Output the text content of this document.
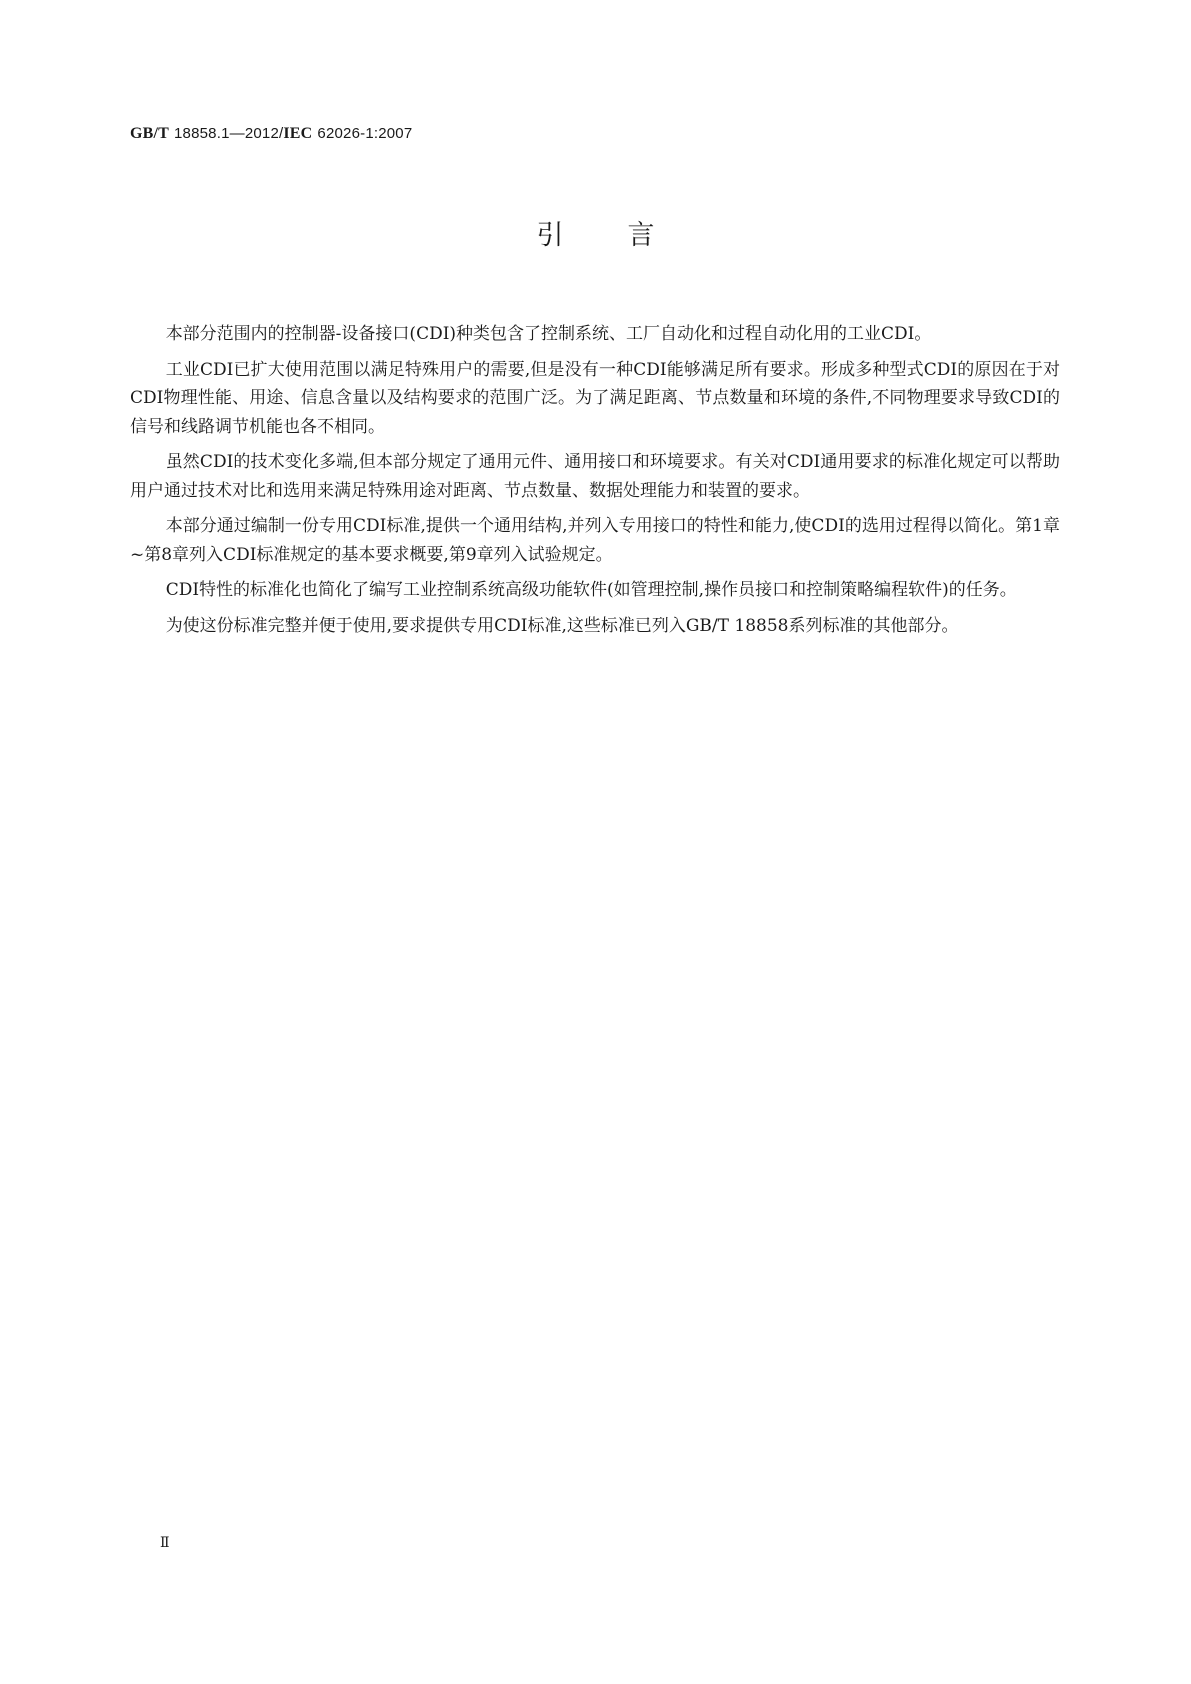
GB/T 18858.1—2012/IEC 62026-1:2007
引言

本部分范围内的控制器-设备接口(CDI)种类包含了控制系统、工厂自动化和过程自动化用的工业CDI。

工业CDI已扩大使用范围以满足特殊用户的需要,但是没有一种CDI能够满足所有要求。形成多种型式CDI的原因在于对CDI物理性能、用途、信息含量以及结构要求的范围广泛。为了满足距离、节点数量和环境的条件,不同物理要求导致CDI的信号和线路调节机能也各不相同。

虽然CDI的技术变化多端,但本部分规定了通用元件、通用接口和环境要求。有关对CDI通用要求的标准化规定可以帮助用户通过技术对比和选用来满足特殊用途对距离、节点数量、数据处理能力和装置的要求。

本部分通过编制一份专用CDI标准,提供一个通用结构,并列入专用接口的特性和能力,使CDI的选用过程得以简化。第1章~第8章列入CDI标准规定的基本要求概要,第9章列入试验规定。

CDI特性的标准化也简化了编写工业控制系统高级功能软件(如管理控制,操作员接口和控制策略编程软件)的任务。

为使这份标准完整并便于使用,要求提供专用CDI标准,这些标准已列入GB/T 18858系列标准的其他部分。

Ⅱ
